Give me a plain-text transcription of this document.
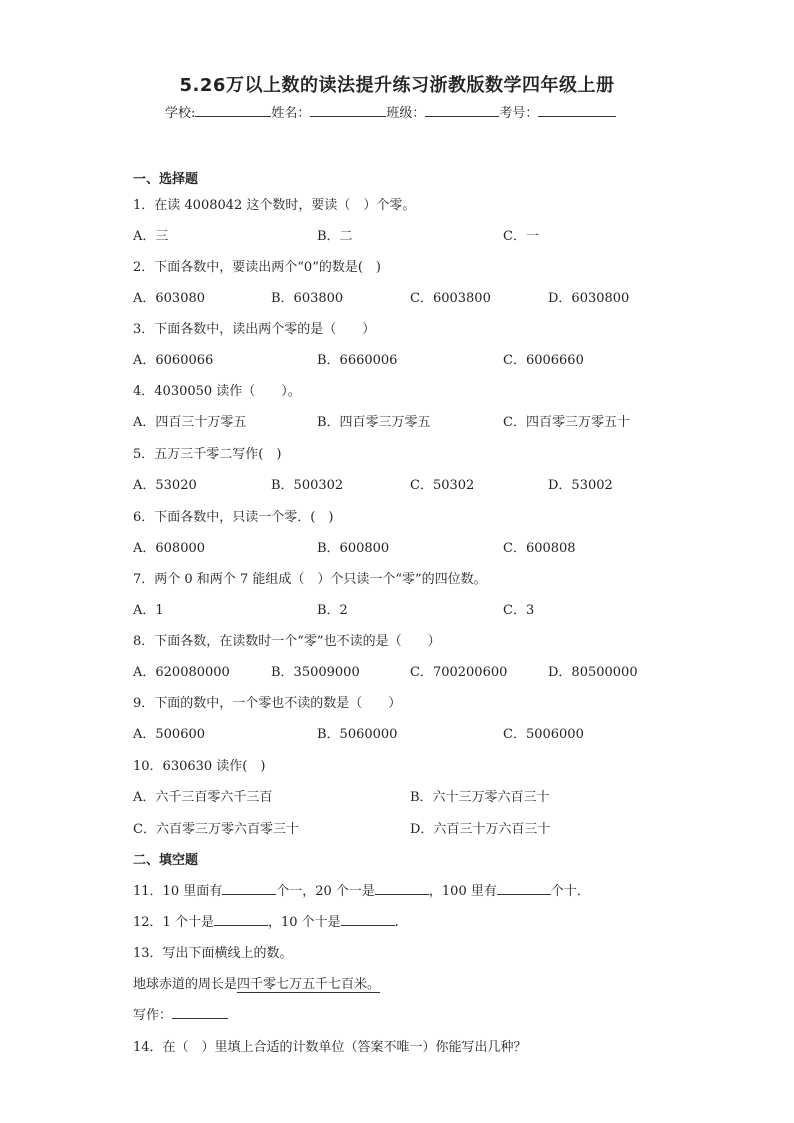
5.26万以上数的读法提升练习浙教版数学四年级上册
学校:	姓名：	班级：	考号：
一、选择题
1．在读 4008042 这个数时，要读（　）个零。
A．三	B．二	C．一
2．下面各数中，要读出两个“0”的数是(　)
A．603080	B．603800	C．6003800	D．6030800
3．下面各数中，读出两个零的是（　　）
A．6060066	B．6660006	C．6006660
4．4030050 读作（　　）。
A．四百三十万零五	B．四百零三万零五	C．四百零三万零五十
5．五万三千零二写作(　)
A．53020	B．500302	C．50302	D．53002
6．下面各数中，只读一个零．(　)
A．608000	B．600800	C．600808
7．两个 0 和两个 7 能组成（　）个只读一个“零”的四位数。
A．1	B．2	C．3
8．下面各数，在读数时一个“零”也不读的是（　　）
A．620080000	B．35009000	C．700200600	D．80500000
9．下面的数中，一个零也不读的数是（　　）
A．500600	B．5060000	C．5006000
10．630630 读作(　)
A．六千三百零六千三百	B．六十三万零六百三十
C．六百零三万零六百零三十	D．六百三十万六百三十
二、填空题
11．10 里面有	个一，20 个一是	，100 里有	个十．
12．1 个十是	，10 个十是	.
13．写出下面横线上的数。
地球赤道的周长是四千零七万五千七百米。
写作：
14．在（　）里填上合适的计数单位（答案不唯一）你能写出几种？
